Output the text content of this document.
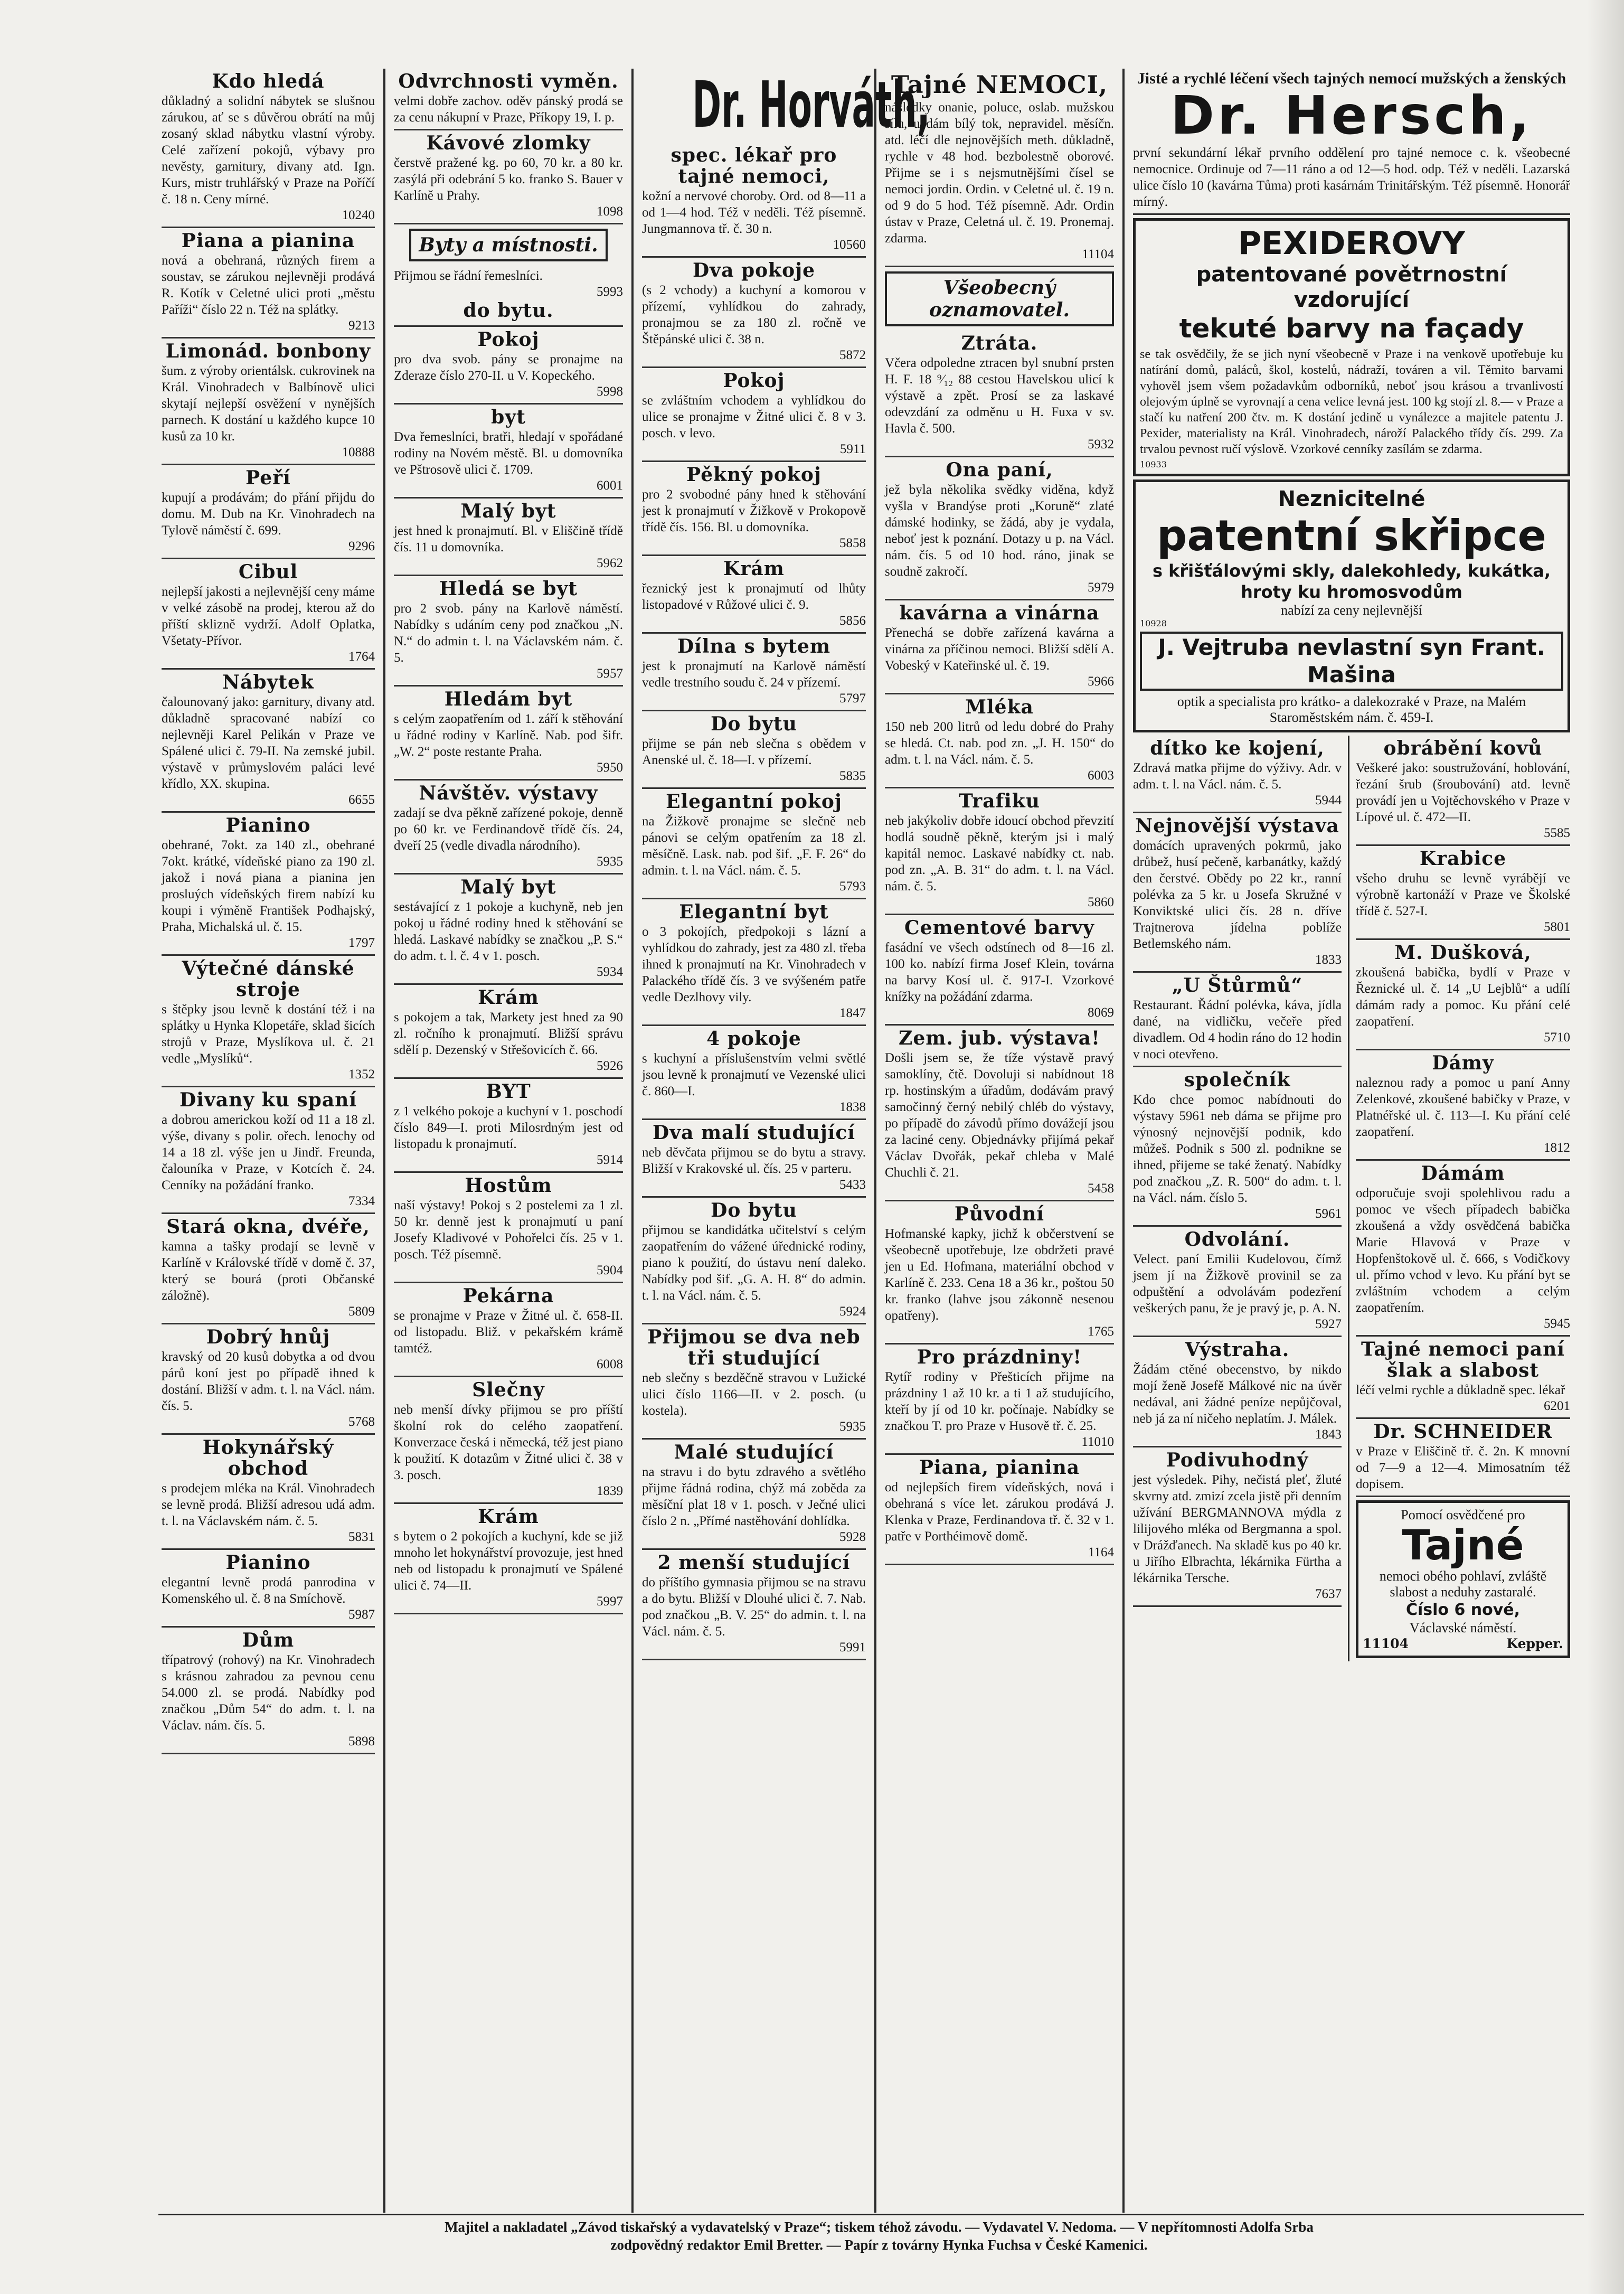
Kdo hledá

důkladný a solidní nábytek se slušnou zárukou, ať se s důvěrou obrátí na můj zosaný sklad nábytku vlastní výroby. Celé zařízení pokojů, výbavy pro nevěsty, garnitury, divany atd. Ign. Kurs, mistr truhlářský v Praze na Poříčí č. 18 n. Ceny mírné.

10240
Piana a pianina

nová a obehraná, různých firem a soustav, se zárukou nejlevněji prodává R. Kotík v Celetné ulici proti „městu Paříži“ číslo 22 n. Též na splátky.

9213
Limonád. bonbony

šum. z výroby orientálsk. cukrovinek na Král. Vinohradech v Balbínově ulici skytají nejlepší osvěžení v nynějších parnech. K dostání u každého kupce 10 kusů za 10 kr.

10888
Peří

kupují a prodávám; do přání přijdu do domu. M. Dub na Kr. Vinohradech na Tylově náměstí č. 699.

9296
Cibul

nejlepší jakosti a nejlevnější ceny máme v velké zásobě na prodej, kterou až do příští sklizně vydrží. Adolf Oplatka, Všetaty-Přívor.

1764
Nábytek

čalounovaný jako: garnitury, divany atd. důkladně spracované nabízí co nejlevněji Karel Pelikán v Praze ve Spálené ulici č. 79-II. Na zemské jubil. výstavě v průmyslovém paláci levé křídlo, XX. skupina.

6655
Pianino

obehrané, 7okt. za 140 zl., obehrané 7okt. krátké, vídeňské piano za 190 zl. jakož i nová piana a pianina jen prosluých vídeňských firem nabízí ku koupi i výměně František Podhajský, Praha, Michalská ul. č. 15.

1797
Výtečné dánské stroje

s štěpky jsou levně k dostání též i na splátky u Hynka Klopetáře, sklad šicích strojů v Praze, Myslíkova ul. č. 21 vedle „Myslíků“.

1352
Divany ku spaní

a dobrou americkou koží od 11 a 18 zl. výše, divany s polir. ořech. lenochy od 14 a 18 zl. výše jen u Jindř. Freunda, čalouníka v Praze, v Kotcích č. 24. Cenníky na požádání franko.

7334
Stará okna, dvéře,

kamna a tašky prodají se levně v Karlíně v Královské třídě v domě č. 37, který se bourá (proti Občanské záložně).

5809
Dobrý hnůj

kravský od 20 kusů dobytka a od dvou párů koní jest po případě ihned k dostání. Bližší v adm. t. l. na Václ. nám. čís. 5.

5768
Hokynářský obchod

s prodejem mléka na Král. Vinohradech se levně prodá. Bližší adresou udá adm. t. l. na Václavském nám. č. 5.

5831
Pianino

elegantní levně prodá panrodina v Komenského ul. č. 8 na Smíchově.

5987
Dům

třípatrový (rohový) na Kr. Vinohradech s krásnou zahradou za pevnou cenu 54.000 zl. se prodá. Nabídky pod značkou „Dům 54“ do adm. t. l. na Václav. nám. čís. 5.

5898
Odvrchnosti vyměn.

velmi dobře zachov. oděv pánský prodá se za cenu nákupní v Praze, Příkopy 19, I. p.

Kávové zlomky

čerstvě pražené kg. po 60, 70 kr. a 80 kr. zasýlá při odebrání 5 ko. franko S. Bauer v Karlíně u Prahy.

1098
Byty a místnosti.

Přijmou se řádní řemeslníci.

5993
do bytu.
Pokoj

pro dva svob. pány se pronajme na Zderaze číslo 270-II. u V. Kopeckého.

5998
byt

Dva řemeslníci, bratři, hledají v spořádané rodiny na Novém městě. Bl. u domovníka ve Pštrosově ulici č. 1709.

6001
Malý byt

jest hned k pronajmutí. Bl. v Eliščině třídě čís. 11 u domovníka.

5962
Hledá se byt

pro 2 svob. pány na Karlově náměstí. Nabídky s udáním ceny pod značkou „N. N.“ do admin t. l. na Václavském nám. č. 5.

5957
Hledám byt

s celým zaopatřením od 1. září k stěhování u řádné rodiny v Karlíně. Nab. pod šifr. „W. 2“ poste restante Praha.

5950
Návštěv. výstavy

zadají se dva pěkně zařízené pokoje, denně po 60 kr. ve Ferdinandově třídě čís. 24, dveří 25 (vedle divadla národního).

5935
Malý byt

sestávající z 1 pokoje a kuchyně, neb jen pokoj u řádné rodiny hned k stěhování se hledá. Laskavé nabídky se značkou „P. S.“ do adm. t. l. č. 4 v 1. posch.

5934
Krám

s pokojem a tak, Markety jest hned za 90 zl. ročního k pronajmutí. Bližší správu sdělí p. Dezenský v Střešovicích č. 66.

5926
BYT

z 1 velkého pokoje a kuchyní v 1. poschodí číslo 849—I. proti Milosrdným jest od listopadu k pronajmutí.

5914
Hostům

naší výstavy! Pokoj s 2 postelemi za 1 zl. 50 kr. denně jest k pronajmutí u paní Josefy Kladivové v Pohořelci čís. 25 v 1. posch. Též písemně.

5904
Pekárna

se pronajme v Praze v Žitné ul. č. 658-II. od listopadu. Bliž. v pekařském krámě tamtéž.

6008
Slečny

neb menší dívky přijmou se pro příští školní rok do celého zaopatření. Konverzace česká i německá, též jest piano k použití. K dotazům v Žitné ulici č. 38 v 3. posch.

1839
Krám

s bytem o 2 pokojích a kuchyní, kde se již mnoho let hokynářství provozuje, jest hned neb od listopadu k pronajmutí ve Spálené ulici č. 74—II.

5997
Dr. Horváth,
spec. lékař pro tajné nemoci,

kožní a nervové choroby. Ord. od 8—11 a od 1—4 hod. Též v neděli. Též písemně. Jungmannova tř. č. 30 n.

10560
Dva pokoje

(s 2 vchody) a kuchyní a komorou v přízemí, vyhlídkou do zahrady, pronajmou se za 180 zl. ročně ve Štěpánské ulici č. 38 n.

5872
Pokoj

se zvláštním vchodem a vyhlídkou do ulice se pronajme v Žitné ulici č. 8 v 3. posch. v levo.

5911
Pěkný pokoj

pro 2 svobodné pány hned k stěhování jest k pronajmutí v Žižkově v Prokopově třídě čís. 156. Bl. u domovníka.

5858
Krám

řeznický jest k pronajmutí od lhůty listopadové v Růžové ulici č. 9.

5856
Dílna s bytem

jest k pronajmutí na Karlově náměstí vedle trestního soudu č. 24 v přízemí.

5797
Do bytu

přijme se pán neb slečna s obědem v Anenské ul. č. 18—I. v přízemí.

5835
Elegantní pokoj

na Žižkově pronajme se slečně neb pánovi se celým opatřením za 18 zl. měsíčně. Lask. nab. pod šif. „F. F. 26“ do admin. t. l. na Václ. nám. č. 5.

5793
Elegantní byt

o 3 pokojích, předpokoji s lázní a vyhlídkou do zahrady, jest za 480 zl. třeba ihned k pronajmutí na Kr. Vinohradech v Palackého třídě čís. 3 ve svýšeném patře vedle Dezlhovy vily.

1847
4 pokoje

s kuchyní a příslušenstvím velmi světlé jsou levně k pronajmutí ve Vezenské ulici č. 860—I.

1838
Dva malí studující

neb děvčata přijmou se do bytu a stravy. Bližší v Krakovské ul. čís. 25 v parteru.

5433
Do bytu

přijmou se kandidátka učitelství s celým zaopatřením do vážené úřednické rodiny, piano k použití, do ústavu není daleko. Nabídky pod šif. „G. A. H. 8“ do admin. t. l. na Václ. nám. č. 5.

5924
Přijmou se dva neb tři studující

neb slečny s bezděčně stravou v Lužické ulici číslo 1166—II. v 2. posch. (u kostela).

5935
Malé studující

na stravu i do bytu zdravého a světlého přijme řádná rodina, chýž má zoběda za měsíční plat 18 v 1. posch. v Ječné ulici číslo 2 n. „Přímé nastěhování dohlídka.

5928
2 menší studující

do příštího gymnasia přijmou se na stravu a do bytu. Bližší v Dlouhé ulici č. 7. Nab. pod značkou „B. V. 25“ do admin. t. l. na Václ. nám. č. 5.

5991
Tajné NEMOCI,

následky onanie, poluce, oslab. mužskou sílu, u dám bílý tok, nepravidel. měsíčn. atd. léčí dle nejnovějších meth. důkladně, rychle v 48 hod. bezbolestně oborové. Přijme se i s nejsmutnějšími čísel se nemoci jordin. Ordin. v Celetné ul. č. 19 n. od 9 do 5 hod. Též písemně. Adr. Ordin ústav v Praze, Celetná ul. č. 19. Pronemaj. zdarma.

11104
Všeobecný oznamovatel.
Ztráta.

Včera odpoledne ztracen byl snubní prsten H. F. 18 ⁹⁄₁₂ 88 cestou Havelskou ulicí k výstavě a zpět. Prosí se za laskavé odevzdání za odměnu u H. Fuxa v sv. Havla č. 500.

5932
Ona paní,

jež byla několika svědky viděna, když vyšla v Brandýse proti „Koruně“ zlaté dámské hodinky, se žádá, aby je vydala, neboť jest k poznání. Dotazy u p. na Václ. nám. čís. 5 od 10 hod. ráno, jinak se soudně zakročí.

5979
kavárna a vinárna

Přenechá se dobře zařízená kavárna a vinárna za příčinou nemoci. Bližší sdělí A. Vobeský v Kateřinské ul. č. 19.

5966
Mléka

150 neb 200 litrů od ledu dobré do Prahy se hledá. Ct. nab. pod zn. „J. H. 150“ do adm. t. l. na Václ. nám. č. 5.

6003
Trafiku

neb jakýkoliv dobře idoucí obchod převzití hodlá soudně pěkně, kterým jsi i malý kapitál nemoc. Laskavé nabídky ct. nab. pod zn. „A. B. 31“ do adm. t. l. na Václ. nám. č. 5.

5860
Cementové barvy

fasádní ve všech odstínech od 8—16 zl. 100 ko. nabízí firma Josef Klein, továrna na barvy Kosí ul. č. 917-I. Vzorkové knížky na požádání zdarma.

8069
Zem. jub. výstava!

Došli jsem se, že tíže výstavě pravý samoklíny, čtě. Dovoluji si nabídnout 18 rp. hostinským a úřadům, dodávám pravý samočinný černý nebilý chléb do výstavy, po případě do závodů přímo dovážejí jsou za laciné ceny. Objednávky přijímá pekař Václav Dvořák, pekař chleba v Malé Chuchli č. 21.

5458
Původní

Hofmanské kapky, jichž k občerstvení se všeobecně upotřebuje, lze obdržeti pravé jen u Ed. Hofmana, materiální obchod v Karlíně č. 233. Cena 18 a 36 kr., poštou 50 kr. franko (lahve jsou zákonně nesenou opatřeny).

1765
Pro prázdniny!

Rytíř rodiny v Přešticích přijme na prázdniny 1 až 10 kr. a ti 1 až studujícího, kteří by jí od 10 kr. počínaje. Nabídky se značkou T. pro Praze v Husově tř. č. 25.

11010
Piana, pianina

od nejlepších firem vídeňských, nová i obehraná s více let. zárukou prodává J. Klenka v Praze, Ferdinandova tř. č. 32 v 1. patře v Porthéimově domě.

1164
Jisté a rychlé léčení všech tajných nemocí mužských a ženských
Dr. Hersch,

první sekundární lékař prvního oddělení pro tajné nemoce c. k. všeobecné nemocnice. Ordinuje od 7—11 ráno a od 12—5 hod. odp. Též v neděli. Lazarská ulice číslo 10 (kavárna Tůma) proti kasárnám Trinitářským. Též písemně. Honorář mírný.

PEXIDEROVY
patentované povětrnostní vzdorující
tekuté barvy na façady

se tak osvědčily, že se jich nyní všeobecně v Praze i na venkově upotřebuje ku natírání domů, paláců, škol, kostelů, nádraží, továren a vil. Těmito barvami vyhověl jsem všem požadavkům odborníků, neboť jsou krásou a trvanlivostí olejovým úplně se vyrovnají a cena velice levná jest. 100 kg stojí zl. 8.— v Praze a stačí ku natření 200 čtv. m. K dostání jedině u vynálezce a majitele patentu J. Pexider, materialisty na Král. Vinohradech, nároží Palackého třídy čís. 299. Za trvalou pevnost ručí výslově. Vzorkové cenníky zasílám se zdarma.

10933
Neznicitelné
patentní skřipce
s křišťálovými skly, dalekohledy, kukátka, hroty ku hromosvodům
nabízí za ceny nejlevnější
10928
J. Vejtruba nevlastní syn Frant. Mašina
optik a specialista pro krátko- a dalekozraké v Praze, na Malém Staroměstském nám. č. 459-I.
dítko ke kojení,

Zdravá matka přijme do výživy. Adr. v adm. t. l. na Václ. nám. č. 5.

5944
Nejnovější výstava

domácích upravených pokrmů, jako drůbež, husí pečeně, karbanátky, každý den čerstvé. Obědy po 22 kr., ranní polévka za 5 kr. u Josefa Skružné v Konviktské ulici čís. 28 n. dříve Trajtnerova jídelna poblíže Betlemského nám.

1833
„U Štůrmů“

Restaurant. Řádní polévka, káva, jídla dané, na vidličku, večeře před divadlem. Od 4 hodin ráno do 12 hodin v noci otevřeno.

společník

Kdo chce pomoc nabídnouti do výstavy 5961 neb dáma se přijme pro výnosný nejnovější podnik, kdo můžeš. Podnik s 500 zl. podnikne se ihned, přijeme se také ženatý. Nabídky pod značkou „Z. R. 500“ do adm. t. l. na Václ. nám. číslo 5.

5961
Odvolání.

Velect. paní Emilii Kudelovou, čímž jsem jí na Žižkově provinil se za odpuštění a odvolávám podezření veškerých panu, že je pravý je, p. A. N.

5927
Výstraha.

Žádám ctěné obecenstvo, by nikdo mojí ženě Josefě Málkové nic na úvěr nedával, ani žádné peníze nepůjčoval, neb já za ní ničeho neplatím. J. Málek.

1843
Podivuhodný

jest výsledek. Pihy, nečistá pleť, žluté skvrny atd. zmizí zcela jistě při denním užívání BERGMANNOVA mýdla z lilijového mléka od Bergmanna a spol. v Drážďanech. Na skladě kus po 40 kr. u Jiřího Elbrachta, lékárnika Fürtha a lékárnika Tersche.

7637
obrábění kovů

Veškeré jako: soustružování, hoblování, řezání šrub (šroubování) atd. levně provádí jen u Vojtěchovského v Praze v Lípové ul. č. 472—II.

5585
Krabice

všeho druhu se levně vyrábějí ve výrobně kartonáží v Praze ve Školské třídě č. 527-I.

5801
M. Dušková,

zkoušená babička, bydlí v Praze v Řeznické ul. č. 14 „U Lejblů“ a udílí dámám rady a pomoc. Ku přání celé zaopatření.

5710
Dámy

naleznou rady a pomoc u paní Anny Zelenkové, zkoušené babičky v Praze, v Platnéřské ul. č. 113—I. Ku přání celé zaopatření.

1812
Dámám

odporučuje svoji spolehlivou radu a pomoc ve všech případech babička zkoušená a vždy osvědčená babička Marie Hlavová v Praze v Hopfenštokově ul. č. 666, s Vodičkovy ul. přímo vchod v levo. Ku přání byt se zvláštním vchodem a celým zaopatřením.

5945
Tajné nemoci paní šlak a slabost

léčí velmi rychle a důkladně spec. lékař

6201
Dr. SCHNEIDER

v Praze v Eliščině tř. č. 2n. K mnovní od 7—9 a 12—4. Mimosatním též dopisem.

Pomocí osvědčené pro
Tajné
nemoci obého pohlaví, zvláště slabost a neduhy zastaralé.
Číslo 6 nové,
Václavské náměstí.
11104	Kepper.
Majitel a nakladatel „Závod tiskařský a vydavatelský v Praze“; tiskem téhož závodu. — Vydavatel V. Nedoma. — V nepřítomnosti Adolfa Srba
zodpovědný redaktor Emil Bretter. — Papír z továrny Hynka Fuchsa v České Kamenici.
